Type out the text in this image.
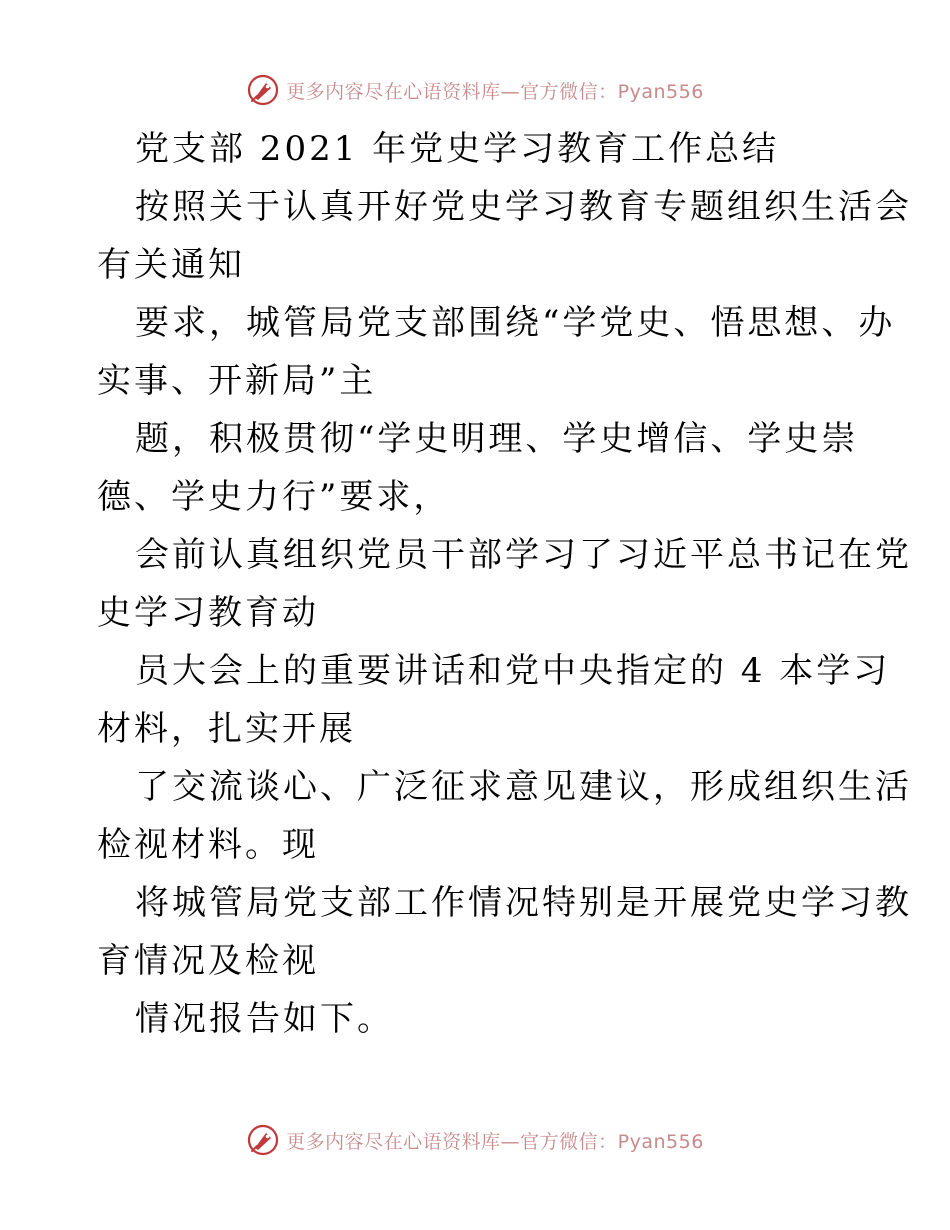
更多内容尽在心语资料库—官方微信：Pyan556
党支部 2021 年党史学习教育工作总结
按照关于认真开好党史学习教育专题组织生活会
有关通知
要求，城管局党支部围绕“学党史、悟思想、办
实事、开新局”主
题，积极贯彻“学史明理、学史增信、学史崇
德、学史力行”要求，
会前认真组织党员干部学习了习近平总书记在党
史学习教育动
员大会上的重要讲话和党中央指定的 4 本学习
材料，扎实开展
了交流谈心、广泛征求意见建议，形成组织生活
检视材料。现
将城管局党支部工作情况特别是开展党史学习教
育情况及检视
情况报告如下。
更多内容尽在心语资料库—官方微信：Pyan556
